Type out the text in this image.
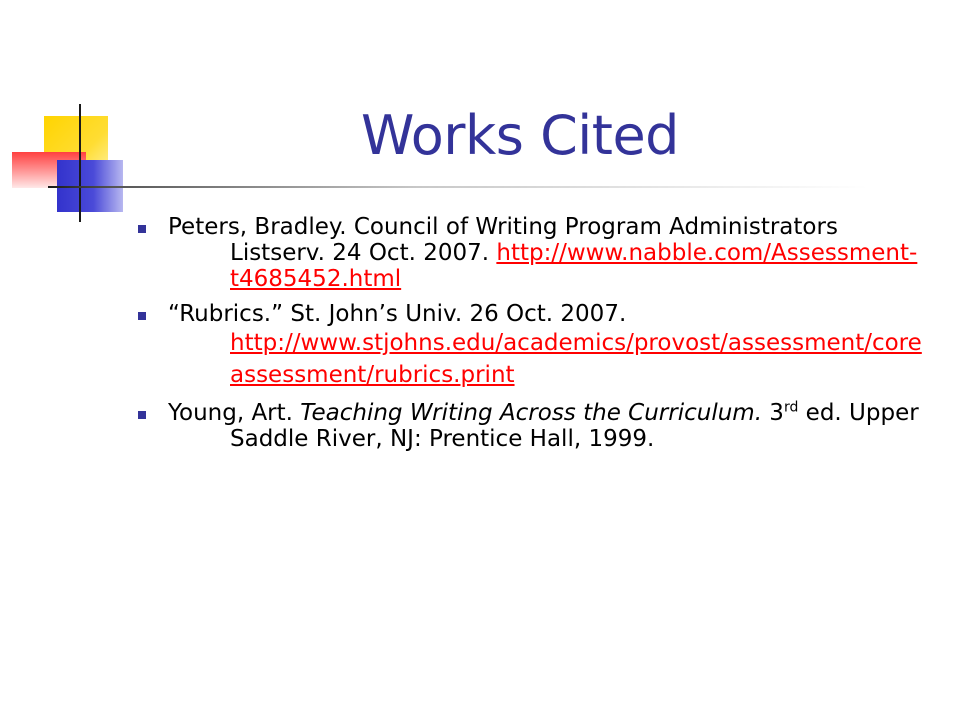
Works Cited
Peters, Bradley. Council of Writing Program Administrators Listserv. 24 Oct. 2007. http://www.nabble.com/Assessment-t4685452.html
“Rubrics.” St. John’s Univ. 26 Oct. 2007.
http://www.stjohns.edu/academics/provost/assessment/coreassessment/rubrics.print
Young, Art. Teaching Writing Across the Curriculum. 3rd ed. Upper Saddle River, NJ: Prentice Hall, 1999.
